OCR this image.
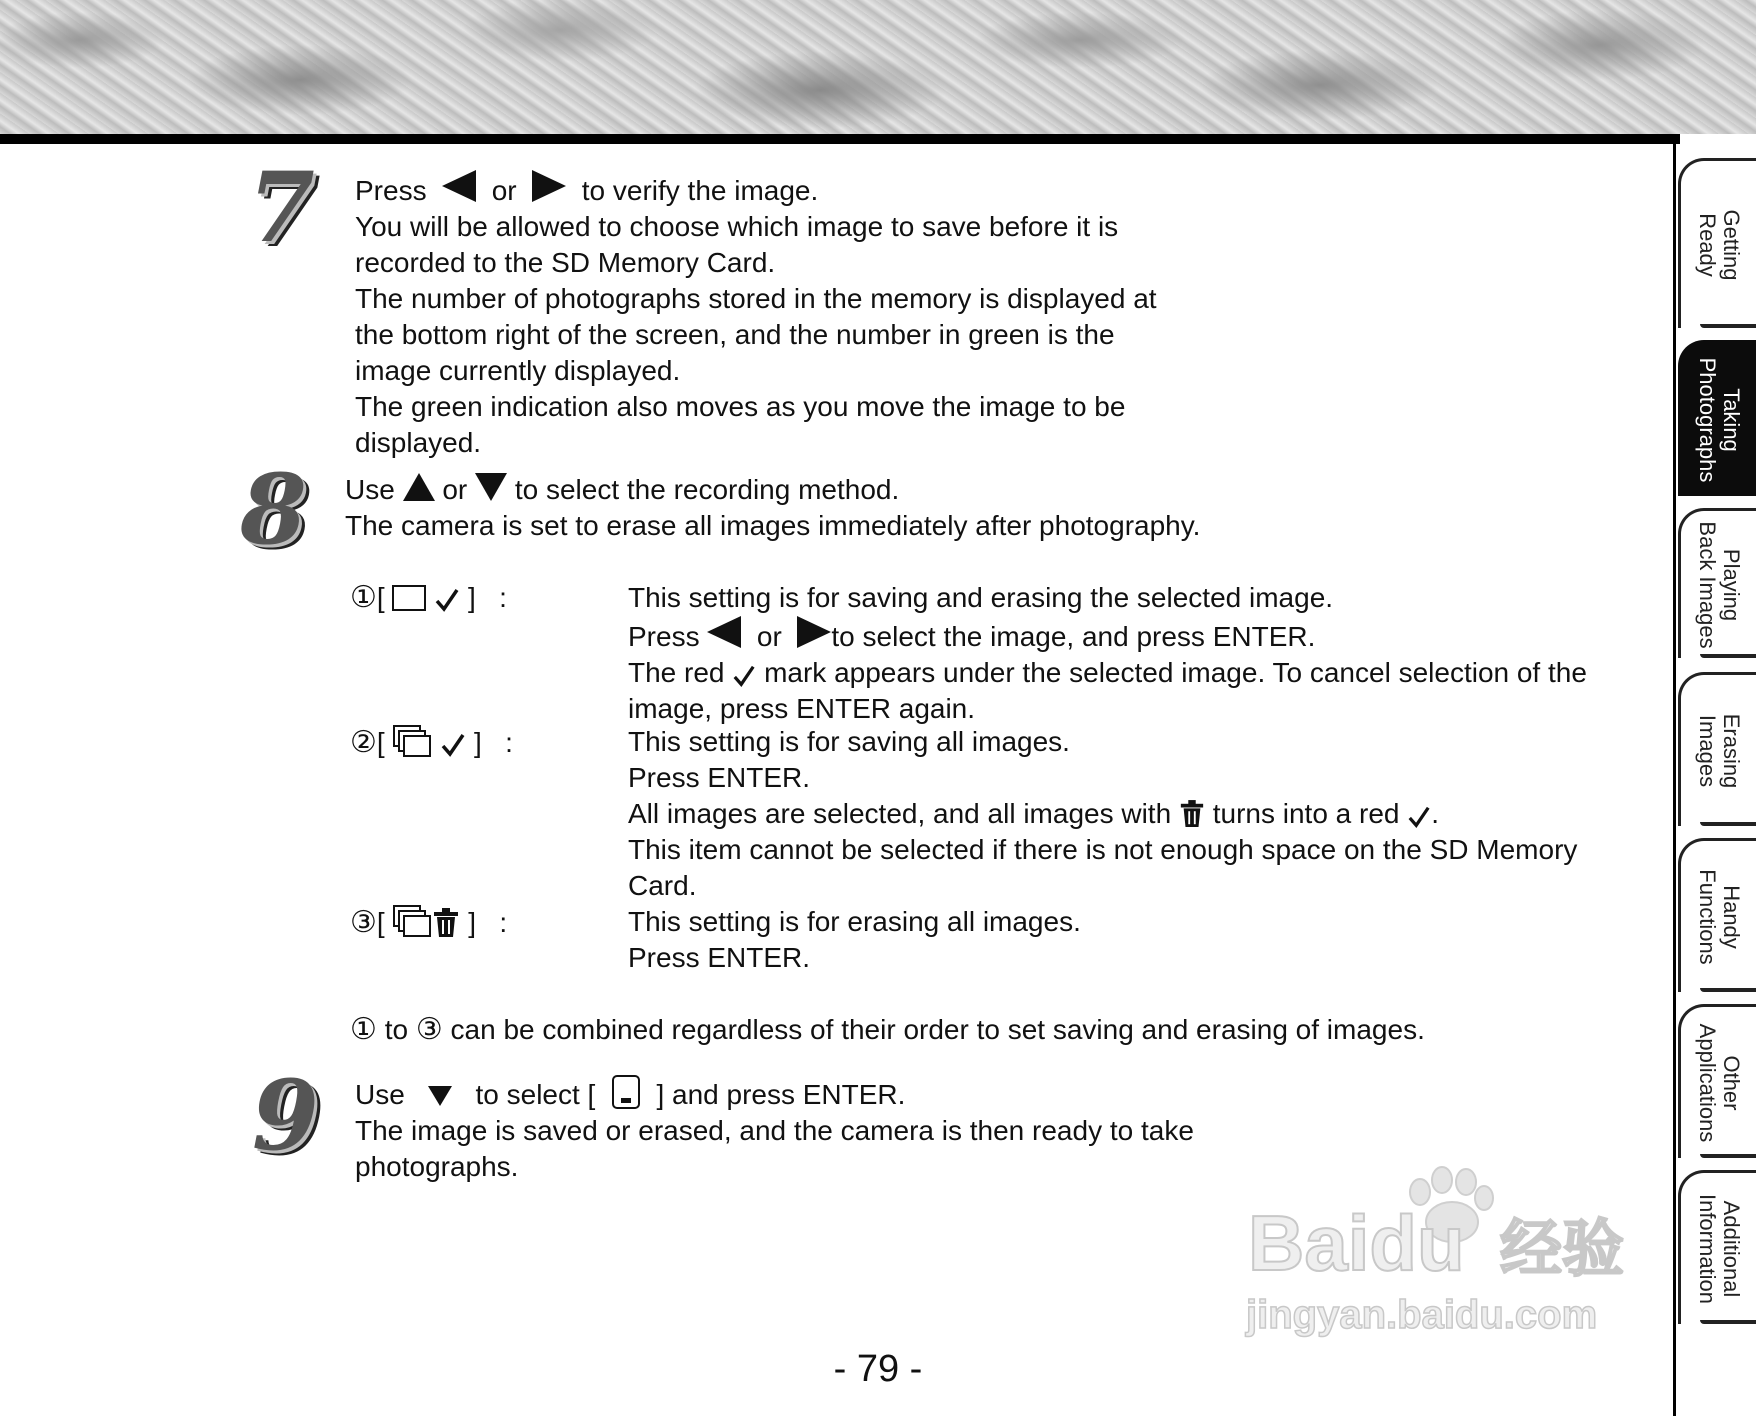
Getting
Ready
Taking
Photographs
Playing
Back Images
Erasing
Images
Handy
Functions
Other
Applications
Additional
Information
7 Press or to verify the image.
You will be allowed to choose which image to save before it is
recorded to the SD Memory Card.
The number of photographs stored in the memory is displayed at
the bottom right of the screen, and the number in green is the
image currently displayed.
The green indication also moves as you move the image to be
displayed.
8 Use or to select the recording method.
The camera is set to erase all images immediately after photography.
①[   ]   :
②[	]   :
③[  ]   :
This setting is for saving and erasing the selected image.
Press or to select the image, and press ENTER.
The red mark appears under the selected image. To cancel selection of the
image, press ENTER again.
This setting is for saving all images.
Press ENTER.
All images are selected, and all images with turns into a red .
This item cannot be selected if there is not enough space on the SD Memory
Card.
This setting is for erasing all images.
Press ENTER.
① to ③ can be combined regardless of their order to set saving and erasing of images.
9 Use	to select [ ] and press ENTER.
The image is saved or erased, and the camera is then ready to take
photographs.
Baidu 经验
jingyan.baidu.com
- 79 -
